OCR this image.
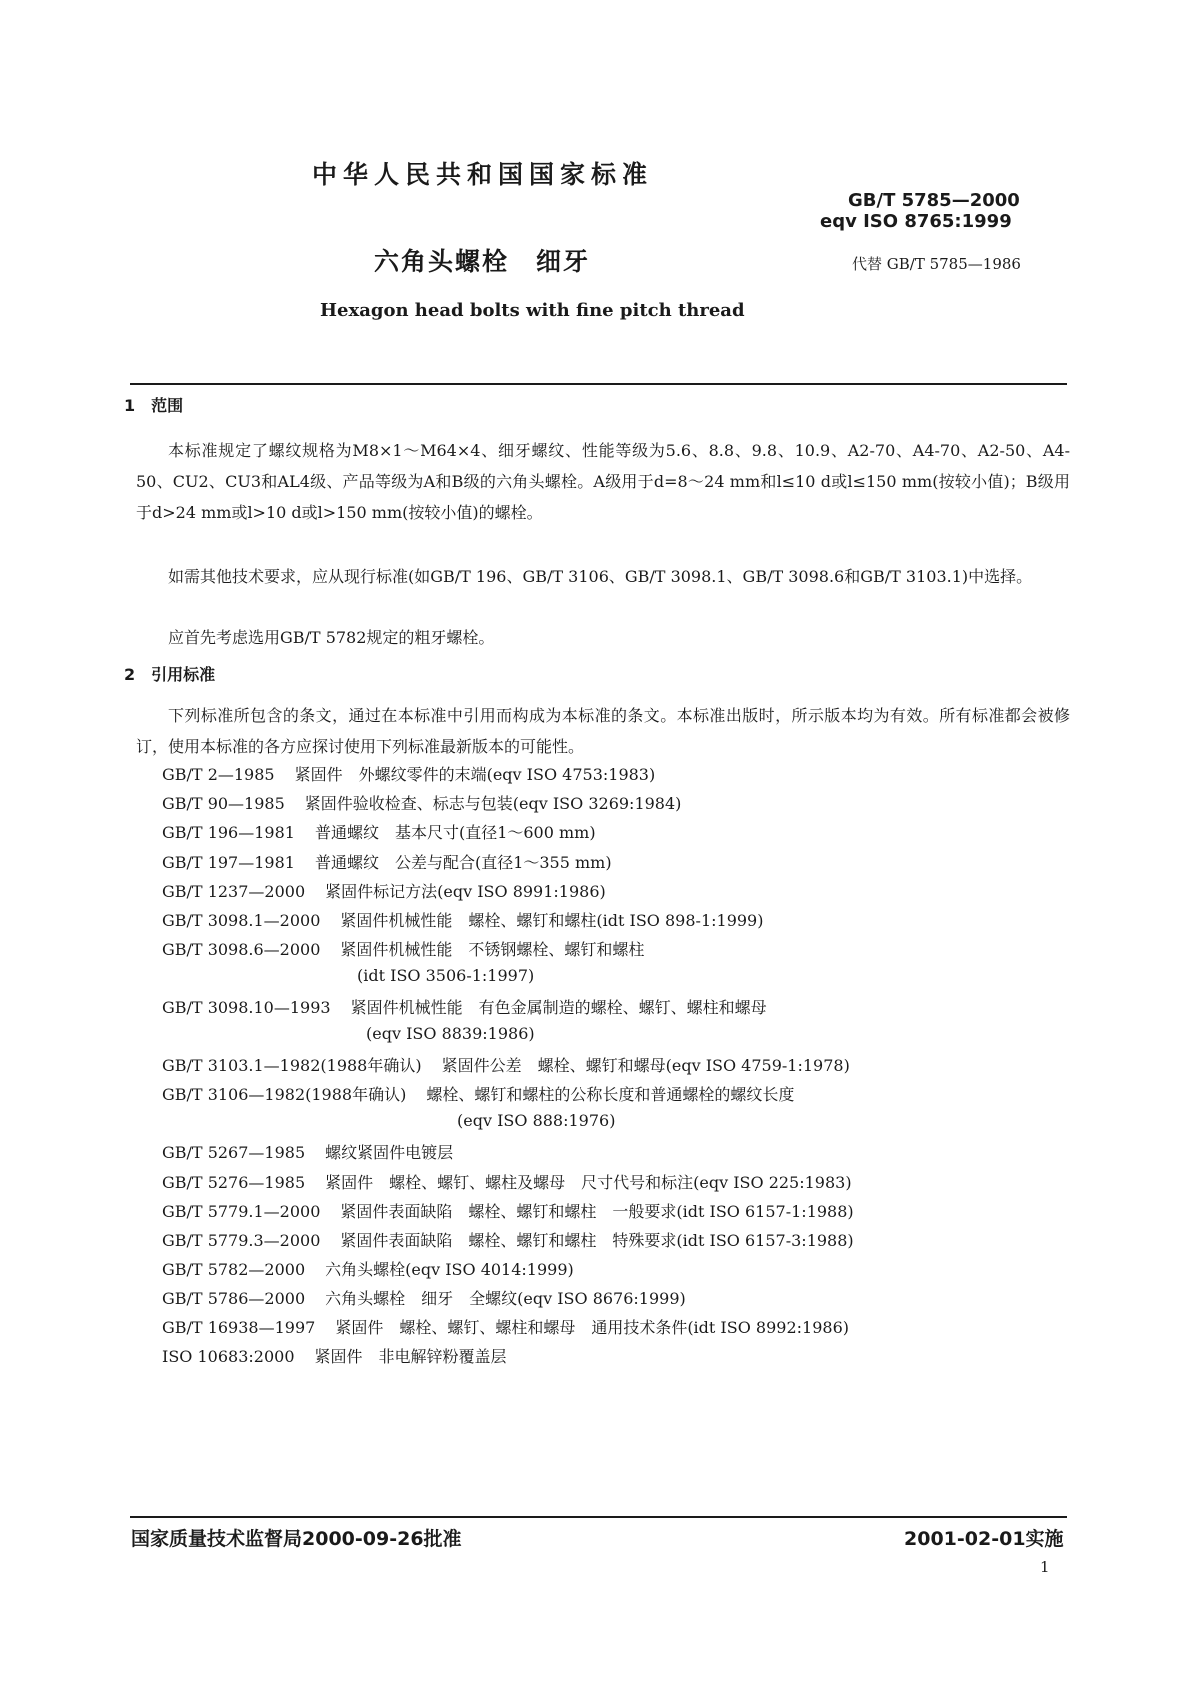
中华人民共和国国家标准
GB/T 5785—2000
eqv ISO 8765:1999
六角头螺栓　细牙	代替 GB/T 5785—1986
Hexagon head bolts with fine pitch thread
1　范围
本标准规定了螺纹规格为M8×1～M64×4、细牙螺纹、性能等级为5.6、8.8、9.8、10.9、A2-70、A4-70、A2-50、A4-50、CU2、CU3和AL4级、产品等级为A和B级的六角头螺栓。A级用于d=8～24 mm和l≤10 d或l≤150 mm(按较小值)；B级用于d>24 mm或l>10 d或l>150 mm(按较小值)的螺栓。
如需其他技术要求，应从现行标准(如GB/T 196、GB/T 3106、GB/T 3098.1、GB/T 3098.6和GB/T 3103.1)中选择。
应首先考虑选用GB/T 5782规定的粗牙螺栓。
2　引用标准
下列标准所包含的条文，通过在本标准中引用而构成为本标准的条文。本标准出版时，所示版本均为有效。所有标准都会被修订，使用本标准的各方应探讨使用下列标准最新版本的可能性。
GB/T 2—1985 紧固件　外螺纹零件的末端(eqv ISO 4753:1983)
GB/T 90—1985 紧固件验收检查、标志与包装(eqv ISO 3269:1984)
GB/T 196—1981 普通螺纹　基本尺寸(直径1～600 mm)
GB/T 197—1981 普通螺纹　公差与配合(直径1～355 mm)
GB/T 1237—2000 紧固件标记方法(eqv ISO 8991:1986)
GB/T 3098.1—2000 紧固件机械性能　螺栓、螺钉和螺柱(idt ISO 898-1:1999)
GB/T 3098.6—2000 紧固件机械性能　不锈钢螺栓、螺钉和螺柱
(idt ISO 3506-1:1997)
GB/T 3098.10—1993 紧固件机械性能　有色金属制造的螺栓、螺钉、螺柱和螺母
(eqv ISO 8839:1986)
GB/T 3103.1—1982(1988年确认) 紧固件公差　螺栓、螺钉和螺母(eqv ISO 4759-1:1978)
GB/T 3106—1982(1988年确认) 螺栓、螺钉和螺柱的公称长度和普通螺栓的螺纹长度
(eqv ISO 888:1976)
GB/T 5267—1985 螺纹紧固件电镀层
GB/T 5276—1985 紧固件　螺栓、螺钉、螺柱及螺母　尺寸代号和标注(eqv ISO 225:1983)
GB/T 5779.1—2000 紧固件表面缺陷　螺栓、螺钉和螺柱　一般要求(idt ISO 6157-1:1988)
GB/T 5779.3—2000 紧固件表面缺陷　螺栓、螺钉和螺柱　特殊要求(idt ISO 6157-3:1988)
GB/T 5782—2000 六角头螺栓(eqv ISO 4014:1999)
GB/T 5786—2000 六角头螺栓　细牙　全螺纹(eqv ISO 8676:1999)
GB/T 16938—1997 紧固件　螺栓、螺钉、螺柱和螺母　通用技术条件(idt ISO 8992:1986)
ISO 10683:2000 紧固件　非电解锌粉覆盖层
国家质量技术监督局2000-09-26批准	2001-02-01实施
1
